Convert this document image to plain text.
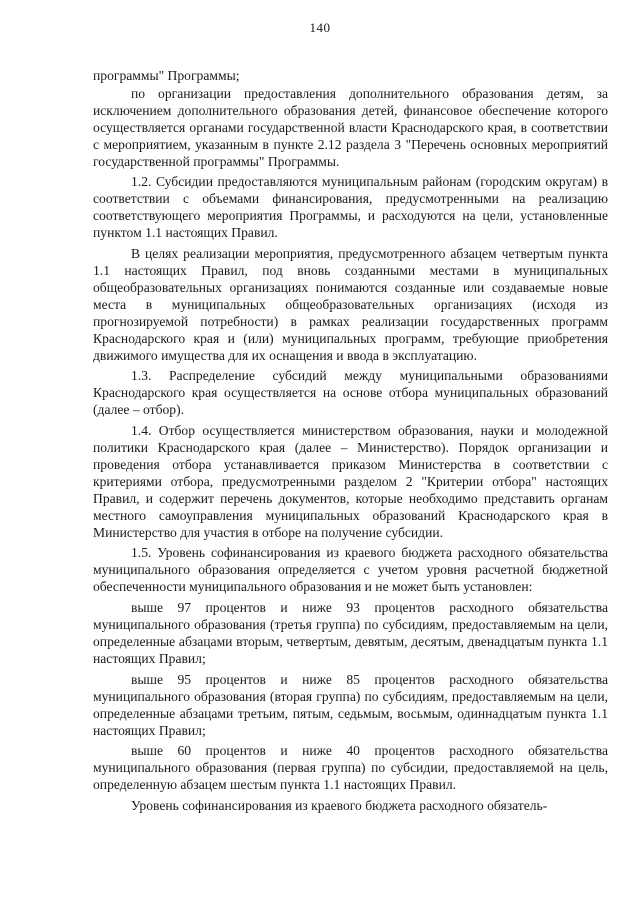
140

программы" Программы;

по организации предоставления дополнительного образования детям, за исключением дополнительного образования детей, финансовое обеспечение которого осуществляется органами государственной власти Краснодарского края, в соответствии с мероприятием, указанным в пункте 2.12 раздела 3 "Перечень основных мероприятий государственной программы" Программы.

1.2. Субсидии предоставляются муниципальным районам (городским округам) в соответствии с объемами финансирования, предусмотренными на реализацию соответствующего мероприятия Программы, и расходуются на цели, установленные пунктом 1.1 настоящих Правил.

В целях реализации мероприятия, предусмотренного абзацем четвертым пункта 1.1 настоящих Правил, под вновь созданными местами в муниципальных общеобразовательных организациях понимаются созданные или создаваемые новые места в муниципальных общеобразовательных организациях (исходя из прогнозируемой потребности) в рамках реализации государственных программ Краснодарского края и (или) муниципальных программ, требующие приобретения движимого имущества для их оснащения и ввода в эксплуатацию.

1.3. Распределение субсидий между муниципальными образованиями Краснодарского края осуществляется на основе отбора муниципальных образований (далее – отбор).

1.4. Отбор осуществляется министерством образования, науки и молодежной политики Краснодарского края (далее – Министерство). Порядок организации и проведения отбора устанавливается приказом Министерства в соответствии с критериями отбора, предусмотренными разделом 2 "Критерии отбора" настоящих Правил, и содержит перечень документов, которые необходимо представить органам местного самоуправления муниципальных образований Краснодарского края в Министерство для участия в отборе на получение субсидии.

1.5. Уровень софинансирования из краевого бюджета расходного обязательства муниципального образования определяется с учетом уровня расчетной бюджетной обеспеченности муниципального образования и не может быть установлен:

выше 97 процентов и ниже 93 процентов расходного обязательства муниципального образования (третья группа) по субсидиям, предоставляемым на цели, определенные абзацами вторым, четвертым, девятым, десятым, двенадцатым пункта 1.1 настоящих Правил;

выше 95 процентов и ниже 85 процентов расходного обязательства муниципального образования (вторая группа) по субсидиям, предоставляемым на цели, определенные абзацами третьим, пятым, седьмым, восьмым, одиннадцатым пункта 1.1 настоящих Правил;

выше 60 процентов и ниже 40 процентов расходного обязательства муниципального образования (первая группа) по субсидии, предоставляемой на цель, определенную абзацем шестым пункта 1.1 настоящих Правил.

Уровень софинансирования из краевого бюджета расходного обязатель-
